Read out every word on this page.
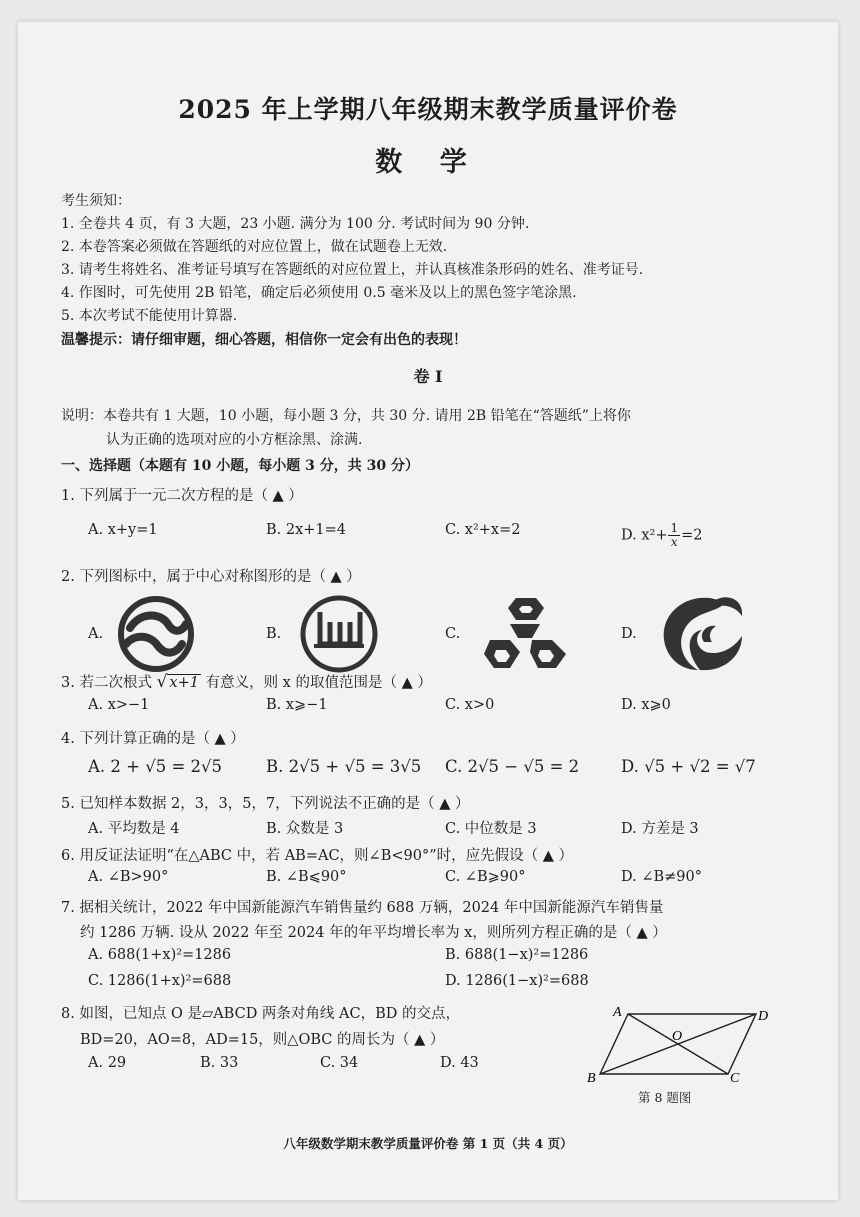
2025 年上学期八年级期末教学质量评价卷
数 学
考生须知：
1. 全卷共 4 页，有 3 大题，23 小题. 满分为 100 分. 考试时间为 90 分钟.
2. 本卷答案必须做在答题纸的对应位置上，做在试题卷上无效.
3. 请考生将姓名、准考证号填写在答题纸的对应位置上，并认真核准条形码的姓名、准考证号.
4. 作图时，可先使用 2B 铅笔，确定后必须使用 0.5 毫米及以上的黑色签字笔涂黑.
5. 本次考试不能使用计算器.
温馨提示：请仔细审题，细心答题，相信你一定会有出色的表现！
卷 I
说明：本卷共有 1 大题，10 小题，每小题 3 分，共 30 分. 请用 2B 铅笔在“答题纸”上将你
认为正确的选项对应的小方框涂黑、涂满.
一、选择题（本题有 10 小题，每小题 3 分，共 30 分）
1. 下列属于一元二次方程的是（ ▲ ）
A. x+y=1	B. 2x+1=4	C. x²+x=2	D. $x^2+ \frac{1}{x} =2$
2. 下列图标中，属于中心对称图形的是（ ▲ ）
A.	B.	C.	D.
3. 若二次根式 √ x+1 有意义，则 x 的取值范围是（ ▲ ）
A. x>−1	B. x⩾−1	C. x>0	D. x⩾0
4. 下列计算正确的是（ ▲ ）
A. 2 + √5 = 2√5	B. 2√5 + √5 = 3√5 C. 2√5 − √5 = 2	D. √5 + √2 = √7
5. 已知样本数据 2，3，3，5，7，下列说法不正确的是（ ▲ ）
A. 平均数是 4	B. 众数是 3	C. 中位数是 3	D. 方差是 3
6. 用反证法证明“在△ABC 中，若 AB=AC，则∠B<90°”时，应先假设（ ▲ ）
A. ∠B>90°	B. ∠B⩽90°	C. ∠B⩾90°	D. ∠B≠90°
7. 据相关统计，2022 年中国新能源汽车销售量约 688 万辆，2024 年中国新能源汽车销售量
约 1286 万辆. 设从 2022 年至 2024 年的年平均增长率为 x，则所列方程正确的是（ ▲ ）
A. 688(1+x)²=1286	B. 688(1−x)²=1286
C. 1286(1+x)²=688	D. 1286(1−x)²=688
8. 如图，已知点 O 是▱ABCD 两条对角线 AC，BD 的交点，
BD=20，AO=8，AD=15，则△OBC 的周长为（ ▲ ）
A. 29	B. 33	C. 34	D. 43
A	D
B	C
O
第 8 题图
八年级数学期末教学质量评价卷 第 1 页（共 4 页）
